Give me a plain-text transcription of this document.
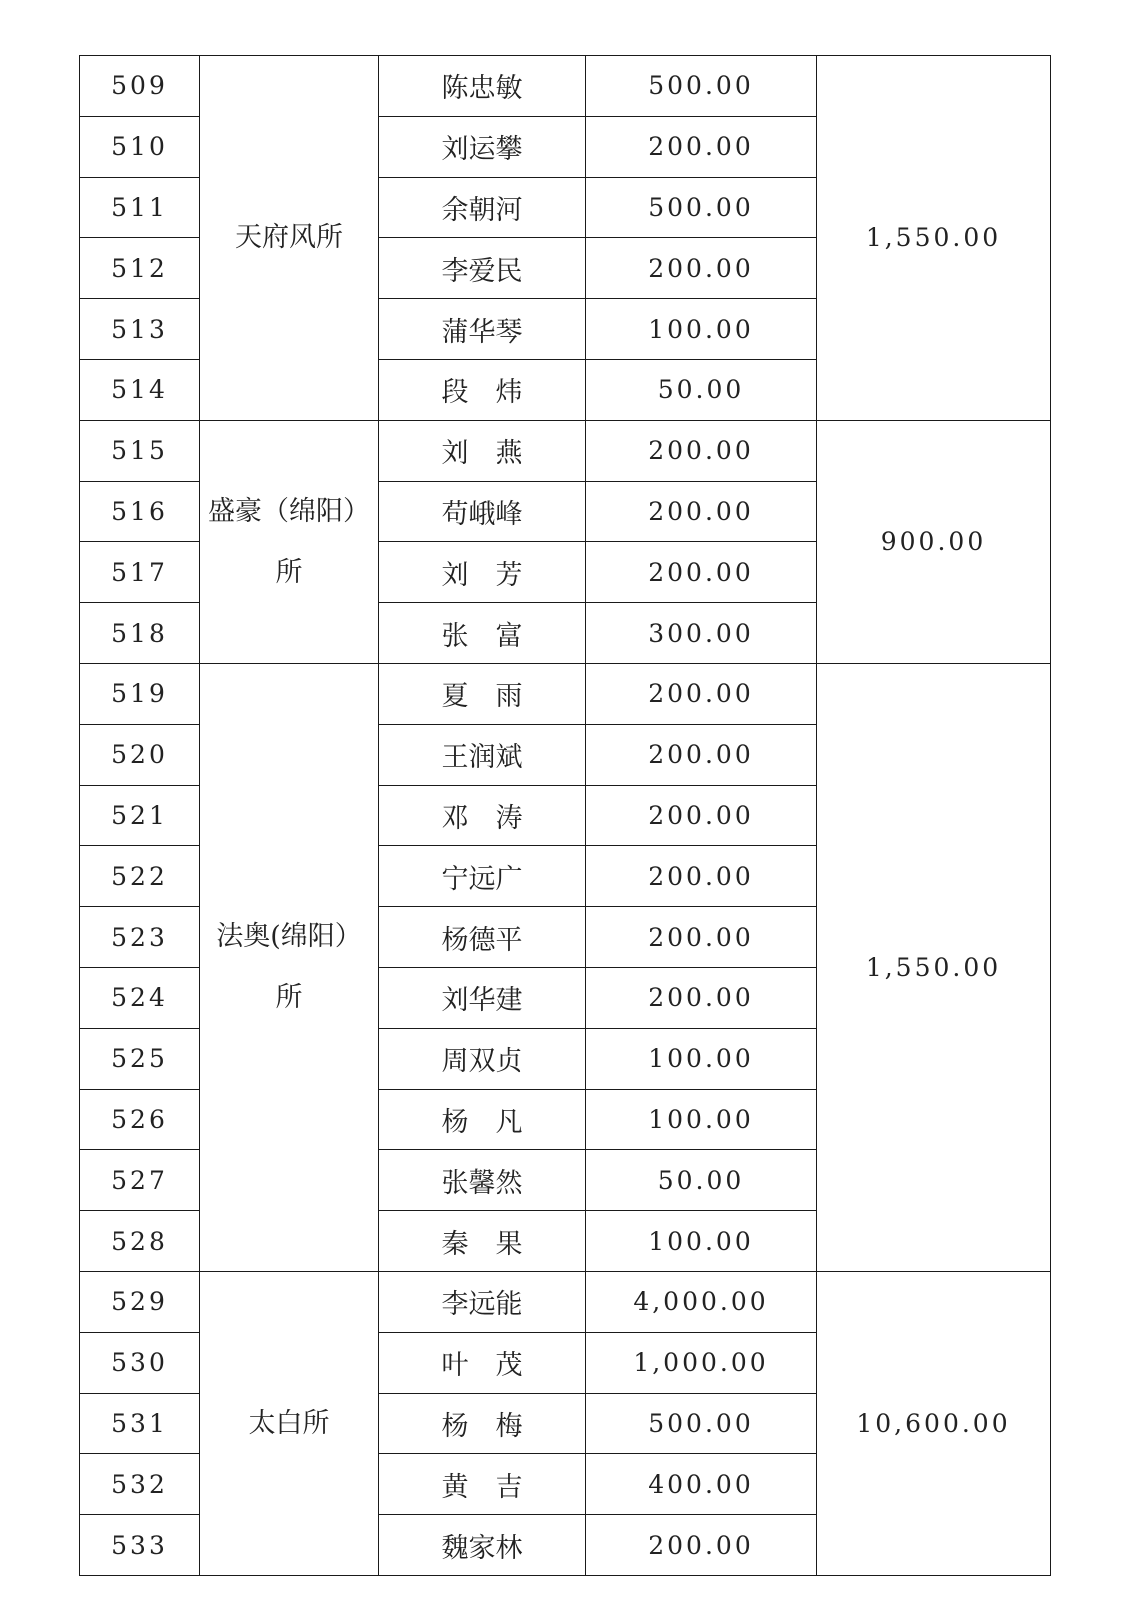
509	天府风所	陈忠敏	500.00	1,550.00
510		刘运攀	200.00	
511		余朝河	500.00	
512		李爱民	200.00	
513		蒲华琴	100.00	
514		段　炜	50.00	
515	盛豪（绵阳）所	刘　燕	200.00	900.00
516		苟峨峰	200.00	
517		刘　芳	200.00	
518		张　富	300.00	
519	法奥(绵阳）所	夏　雨	200.00	1,550.00
520		王润斌	200.00	
521		邓　涛	200.00	
522		宁远广	200.00	
523		杨德平	200.00	
524		刘华建	200.00	
525		周双贞	100.00	
526		杨　凡	100.00	
527		张馨然	50.00	
528		秦　果	100.00	
529	太白所	李远能	4,000.00	10,600.00
530		叶　茂	1,000.00	
531		杨　梅	500.00	
532		黄　吉	400.00	
533		魏家林	200.00	
